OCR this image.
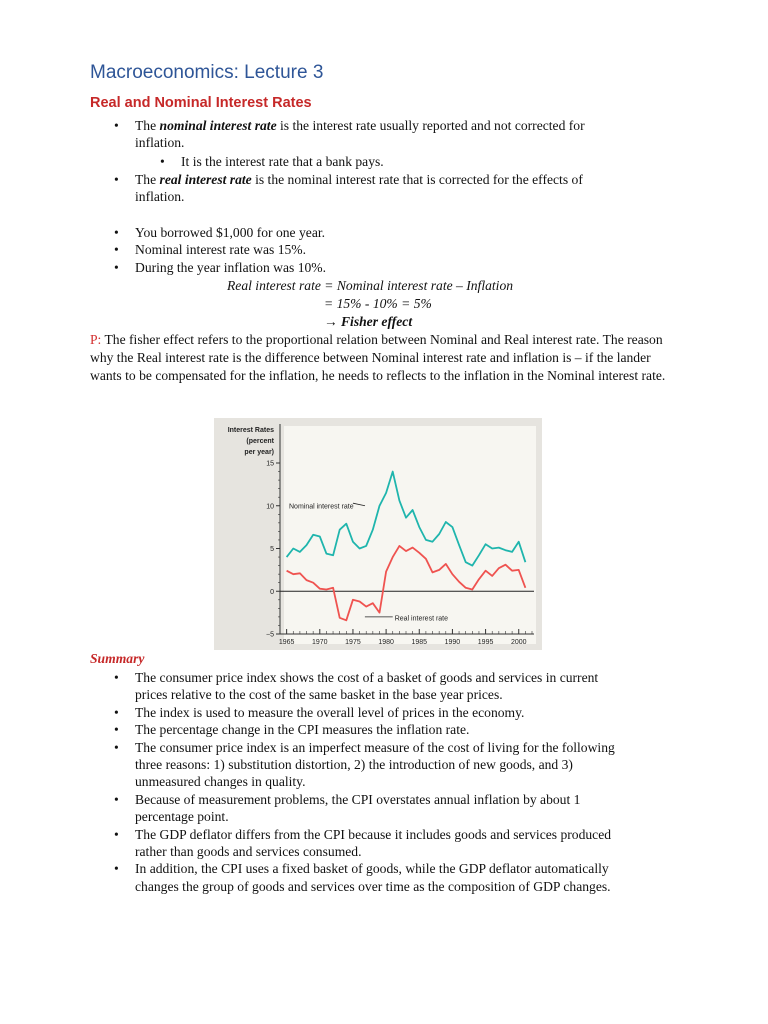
Macroeconomics: Lecture 3
Real and Nominal Interest Rates
• The nominal interest rate is the interest rate usually reported and not corrected for
inflation.
• It is the interest rate that a bank pays.
• The real interest rate is the nominal interest rate that is corrected for the effects of
inflation.
• You borrowed $1,000 for one year.
• Nominal interest rate was 15%.
• During the year inflation was 10%.
Real interest rate = Nominal interest rate – Inflation
= 15% - 10% = 5%
→ Fisher effect
P: The fisher effect refers to the proportional relation between Nominal and Real interest rate. The reason why the Real interest rate is the difference between Nominal interest rate and inflation is – if the lander wants to be compensated for the inflation, he needs to reflects to the inflation in the Nominal interest rate.
Interest Rates
(percent
per year)
−5
0
5
10
15
1965	1970	1975	1980	1985	1990	1995	2000
Nominal interest rate
Real interest rate
Summary
• The consumer price index shows the cost of a basket of goods and services in current
prices relative to the cost of the same basket in the base year prices.
• The index is used to measure the overall level of prices in the economy.
• The percentage change in the CPI measures the inflation rate.
• The consumer price index is an imperfect measure of the cost of living for the following
three reasons: 1) substitution distortion, 2) the introduction of new goods, and 3)
unmeasured changes in quality.
• Because of measurement problems, the CPI overstates annual inflation by about 1
percentage point.
• The GDP deflator differs from the CPI because it includes goods and services produced
rather than goods and services consumed.
• In addition, the CPI uses a fixed basket of goods, while the GDP deflator automatically
changes the group of goods and services over time as the composition of GDP changes.
